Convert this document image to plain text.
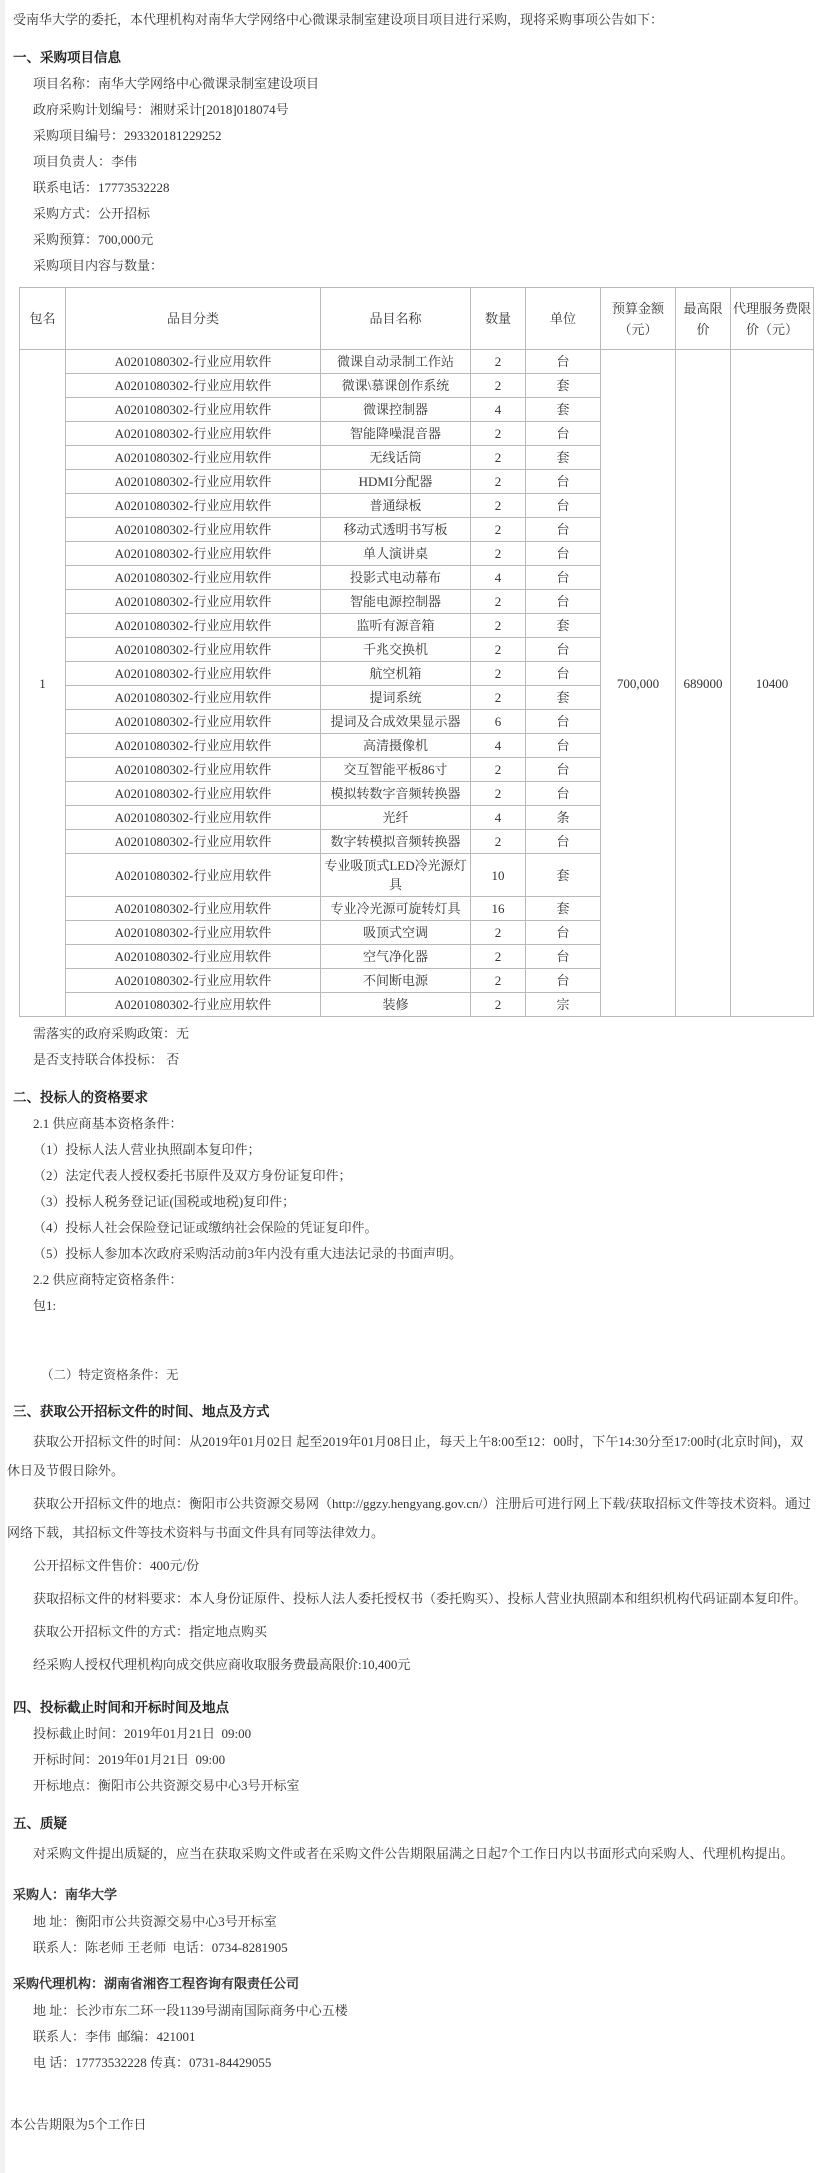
受南华大学的委托，本代理机构对南华大学网络中心微课录制室建设项目项目进行采购，现将采购事项公告如下：

一、采购项目信息

项目名称：南华大学网络中心微课录制室建设项目

政府采购计划编号：湘财采计[2018]018074号

采购项目编号：293320181229252

项目负责人：李伟

联系电话：17773532228

采购方式：公开招标

采购预算：700,000元

采购项目内容与数量：

包名	品目分类	品目名称	数量	单位	预算金额（元）	最高限价	代理服务费限价（元）
1	A0201080302-行业应用软件	微课自动录制工作站	2	台	700,000	689000	10400
	A0201080302-行业应用软件	微课\慕课创作系统	2	套			
	A0201080302-行业应用软件	微课控制器	4	套			
	A0201080302-行业应用软件	智能降噪混音器	2	台			
	A0201080302-行业应用软件	无线话筒	2	套			
	A0201080302-行业应用软件	HDMI分配器	2	台			
	A0201080302-行业应用软件	普通绿板	2	台			
	A0201080302-行业应用软件	移动式透明书写板	2	台			
	A0201080302-行业应用软件	单人演讲桌	2	台			
	A0201080302-行业应用软件	投影式电动幕布	4	台			
	A0201080302-行业应用软件	智能电源控制器	2	台			
	A0201080302-行业应用软件	监听有源音箱	2	套			
	A0201080302-行业应用软件	千兆交换机	2	台			
	A0201080302-行业应用软件	航空机箱	2	台			
	A0201080302-行业应用软件	提词系统	2	套			
	A0201080302-行业应用软件	提词及合成效果显示器	6	台			
	A0201080302-行业应用软件	高清摄像机	4	台			
	A0201080302-行业应用软件	交互智能平板86寸	2	台			
	A0201080302-行业应用软件	模拟转数字音频转换器	2	台			
	A0201080302-行业应用软件	光纤	4	条			
	A0201080302-行业应用软件	数字转模拟音频转换器	2	台			
	A0201080302-行业应用软件	专业吸顶式LED冷光源灯具	10	套			
	A0201080302-行业应用软件	专业冷光源可旋转灯具	16	套			
	A0201080302-行业应用软件	吸顶式空调	2	台			
	A0201080302-行业应用软件	空气净化器	2	台			
	A0201080302-行业应用软件	不间断电源	2	台			
	A0201080302-行业应用软件	装修	2	宗			

需落实的政府采购政策：无

是否支持联合体投标： 否

二、投标人的资格要求

2.1 供应商基本资格条件：

（1）投标人法人营业执照副本复印件；

（2）法定代表人授权委托书原件及双方身份证复印件；

（3）投标人税务登记证(国税或地税)复印件；

（4）投标人社会保险登记证或缴纳社会保险的凭证复印件。

（5）投标人参加本次政府采购活动前3年内没有重大违法记录的书面声明。

2.2 供应商特定资格条件：

包1:

（二）特定资格条件：无

三、获取公开招标文件的时间、地点及方式

获取公开招标文件的时间：从2019年01月02日 起至2019年01月08日止，每天上午8:00至12：00时，下午14:30分至17:00时(北京时间)，双休日及节假日除外。

获取公开招标文件的地点：衡阳市公共资源交易网（http://ggzy.hengyang.gov.cn/）注册后可进行网上下载/获取招标文件等技术资料。通过网络下载，其招标文件等技术资料与书面文件具有同等法律效力。

公开招标文件售价：400元/份

获取招标文件的材料要求：本人身份证原件、投标人法人委托授权书（委托购买）、投标人营业执照副本和组织机构代码证副本复印件。

获取公开招标文件的方式：指定地点购买

经采购人授权代理机构向成交供应商收取服务费最高限价:10,400元

四、投标截止时间和开标时间及地点

投标截止时间：2019年01月21日  09:00

开标时间：2019年01月21日  09:00

开标地点：衡阳市公共资源交易中心3号开标室

五、质疑

对采购文件提出质疑的，应当在获取采购文件或者在采购文件公告期限届满之日起7个工作日内以书面形式向采购人、代理机构提出。

采购人：南华大学

地 址：衡阳市公共资源交易中心3号开标室

联系人：陈老师 王老师  电话：0734-8281905

采购代理机构：湖南省湘咨工程咨询有限责任公司

地 址：长沙市东二环一段1139号湖南国际商务中心五楼

联系人：李伟  邮编：421001

电 话：17773532228 传真：0731-84429055

本公告期限为5个工作日
